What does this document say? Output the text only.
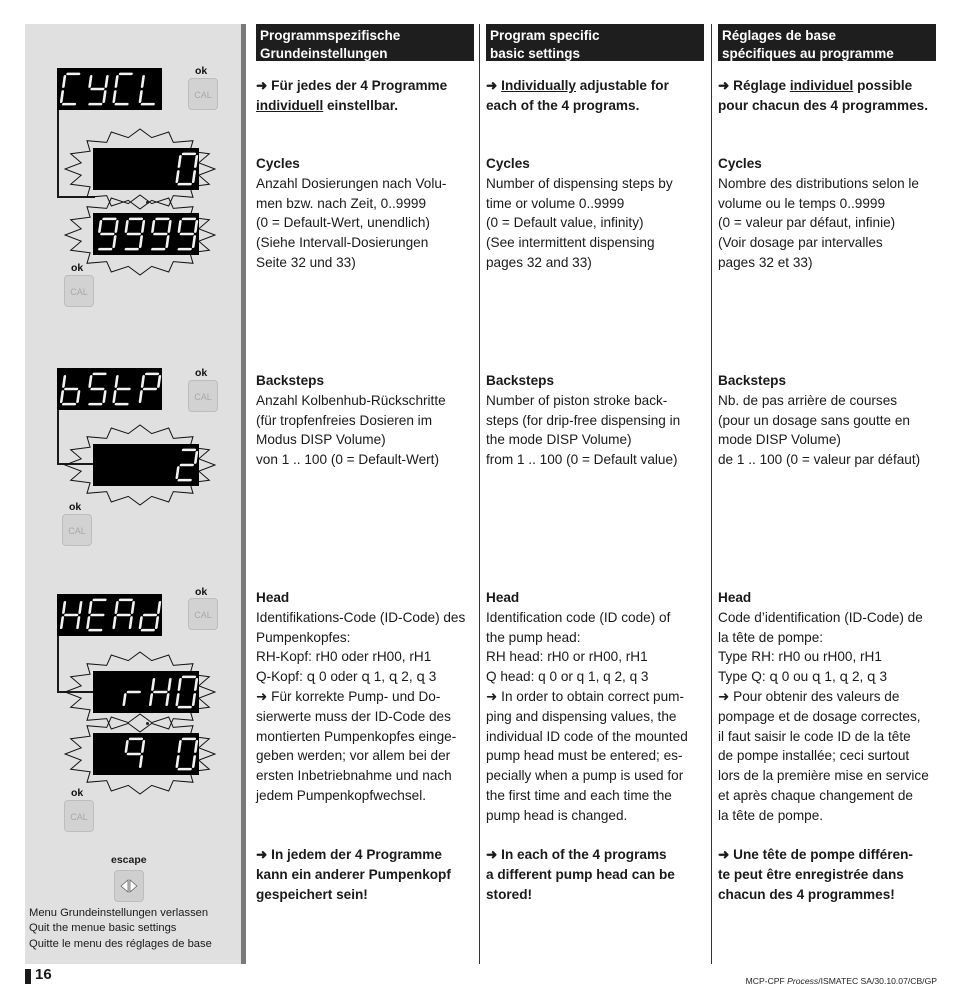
ok
CAL
ok
CAL
ok
CAL
ok
CAL
ok
CAL
ok
CAL
escape
Menu Grundeinstellungen verlassen
Quit the menue basic settings
Quitte le menu des réglages de base
Programmspezifische
Grundeinstellungen
➜ Für jedes der 4 Programme individuell einstellbar.
Cycles
Anzahl Dosierungen nach Volu-
men bzw. nach Zeit, 0..9999
(0 = Default-Wert, unendlich)
(Siehe Intervall-Dosierungen
Seite 32 und 33)
Backsteps
Anzahl Kolbenhub-Rückschritte
(für tropfenfreies Dosieren im
Modus DISP Volume)
von 1 .. 100 (0 = Default-Wert)
Head
Identifikations-Code (ID-Code) des
Pumpenkopfes:
RH-Kopf: rH0 oder rH00, rH1
Q-Kopf: զ 0 oder զ 1, զ 2, զ 3
➜ Für korrekte Pump- und Do-
sierwerte muss der ID-Code des
montierten Pumpenkopfes einge-
geben werden; vor allem bei der
ersten Inbetriebnahme und nach
jedem Pumpenkopfwechsel.
➜ In jedem der 4 Programme
kann ein anderer Pumpenkopf
gespeichert sein!
Program specific
basic settings
➜ Individually adjustable for
each of the 4 programs.
Cycles
Number of dispensing steps by
time or volume 0..9999
(0 = Default value, infinity)
(See intermittent dispensing
pages 32 and 33)
Backsteps
Number of piston stroke back-
steps (for drip-free dispensing in
the mode DISP Volume)
from 1 .. 100 (0 = Default value)
Head
Identification code (ID code) of
the pump head:
RH head: rH0 or rH00, rH1
Q head: q 0 or q 1, q 2, q 3
➜ In order to obtain correct pum-
ping and dispensing values, the
individual ID code of the mounted
pump head must be entered; es-
pecially when a pump is used for
the first time and each time the
pump head is changed.
➜ In each of the 4 programs
a different pump head can be
stored!
Réglages de base
spécifiques au programme
➜ Réglage individuel possible
pour chacun des 4 programmes.
Cycles
Nombre des distributions selon le
volume ou le temps 0..9999
(0 = valeur par défaut, infinie)
(Voir dosage par intervalles
pages 32 et 33)
Backsteps
Nb. de pas arrière de courses
(pour un dosage sans goutte en
mode DISP Volume)
de 1 .. 100 (0 = valeur par défaut)
Head
Code d’identification (ID-Code) de
la tête de pompe:
Type RH: rH0 ou rH00, rH1
Type Q: զ 0 ou զ 1, զ 2, զ 3
➜ Pour obtenir des valeurs de
pompage et de dosage correctes,
il faut saisir le code ID de la tête
de pompe installée; ceci surtout
lors de la première mise en service
et après chaque changement de
la tête de pompe.
➜ Une tête de pompe différen-
te peut être enregistrée dans
chacun des 4 programmes!
16	MCP-CPF Process/ISMATEC SA/30.10.07/CB/GP
